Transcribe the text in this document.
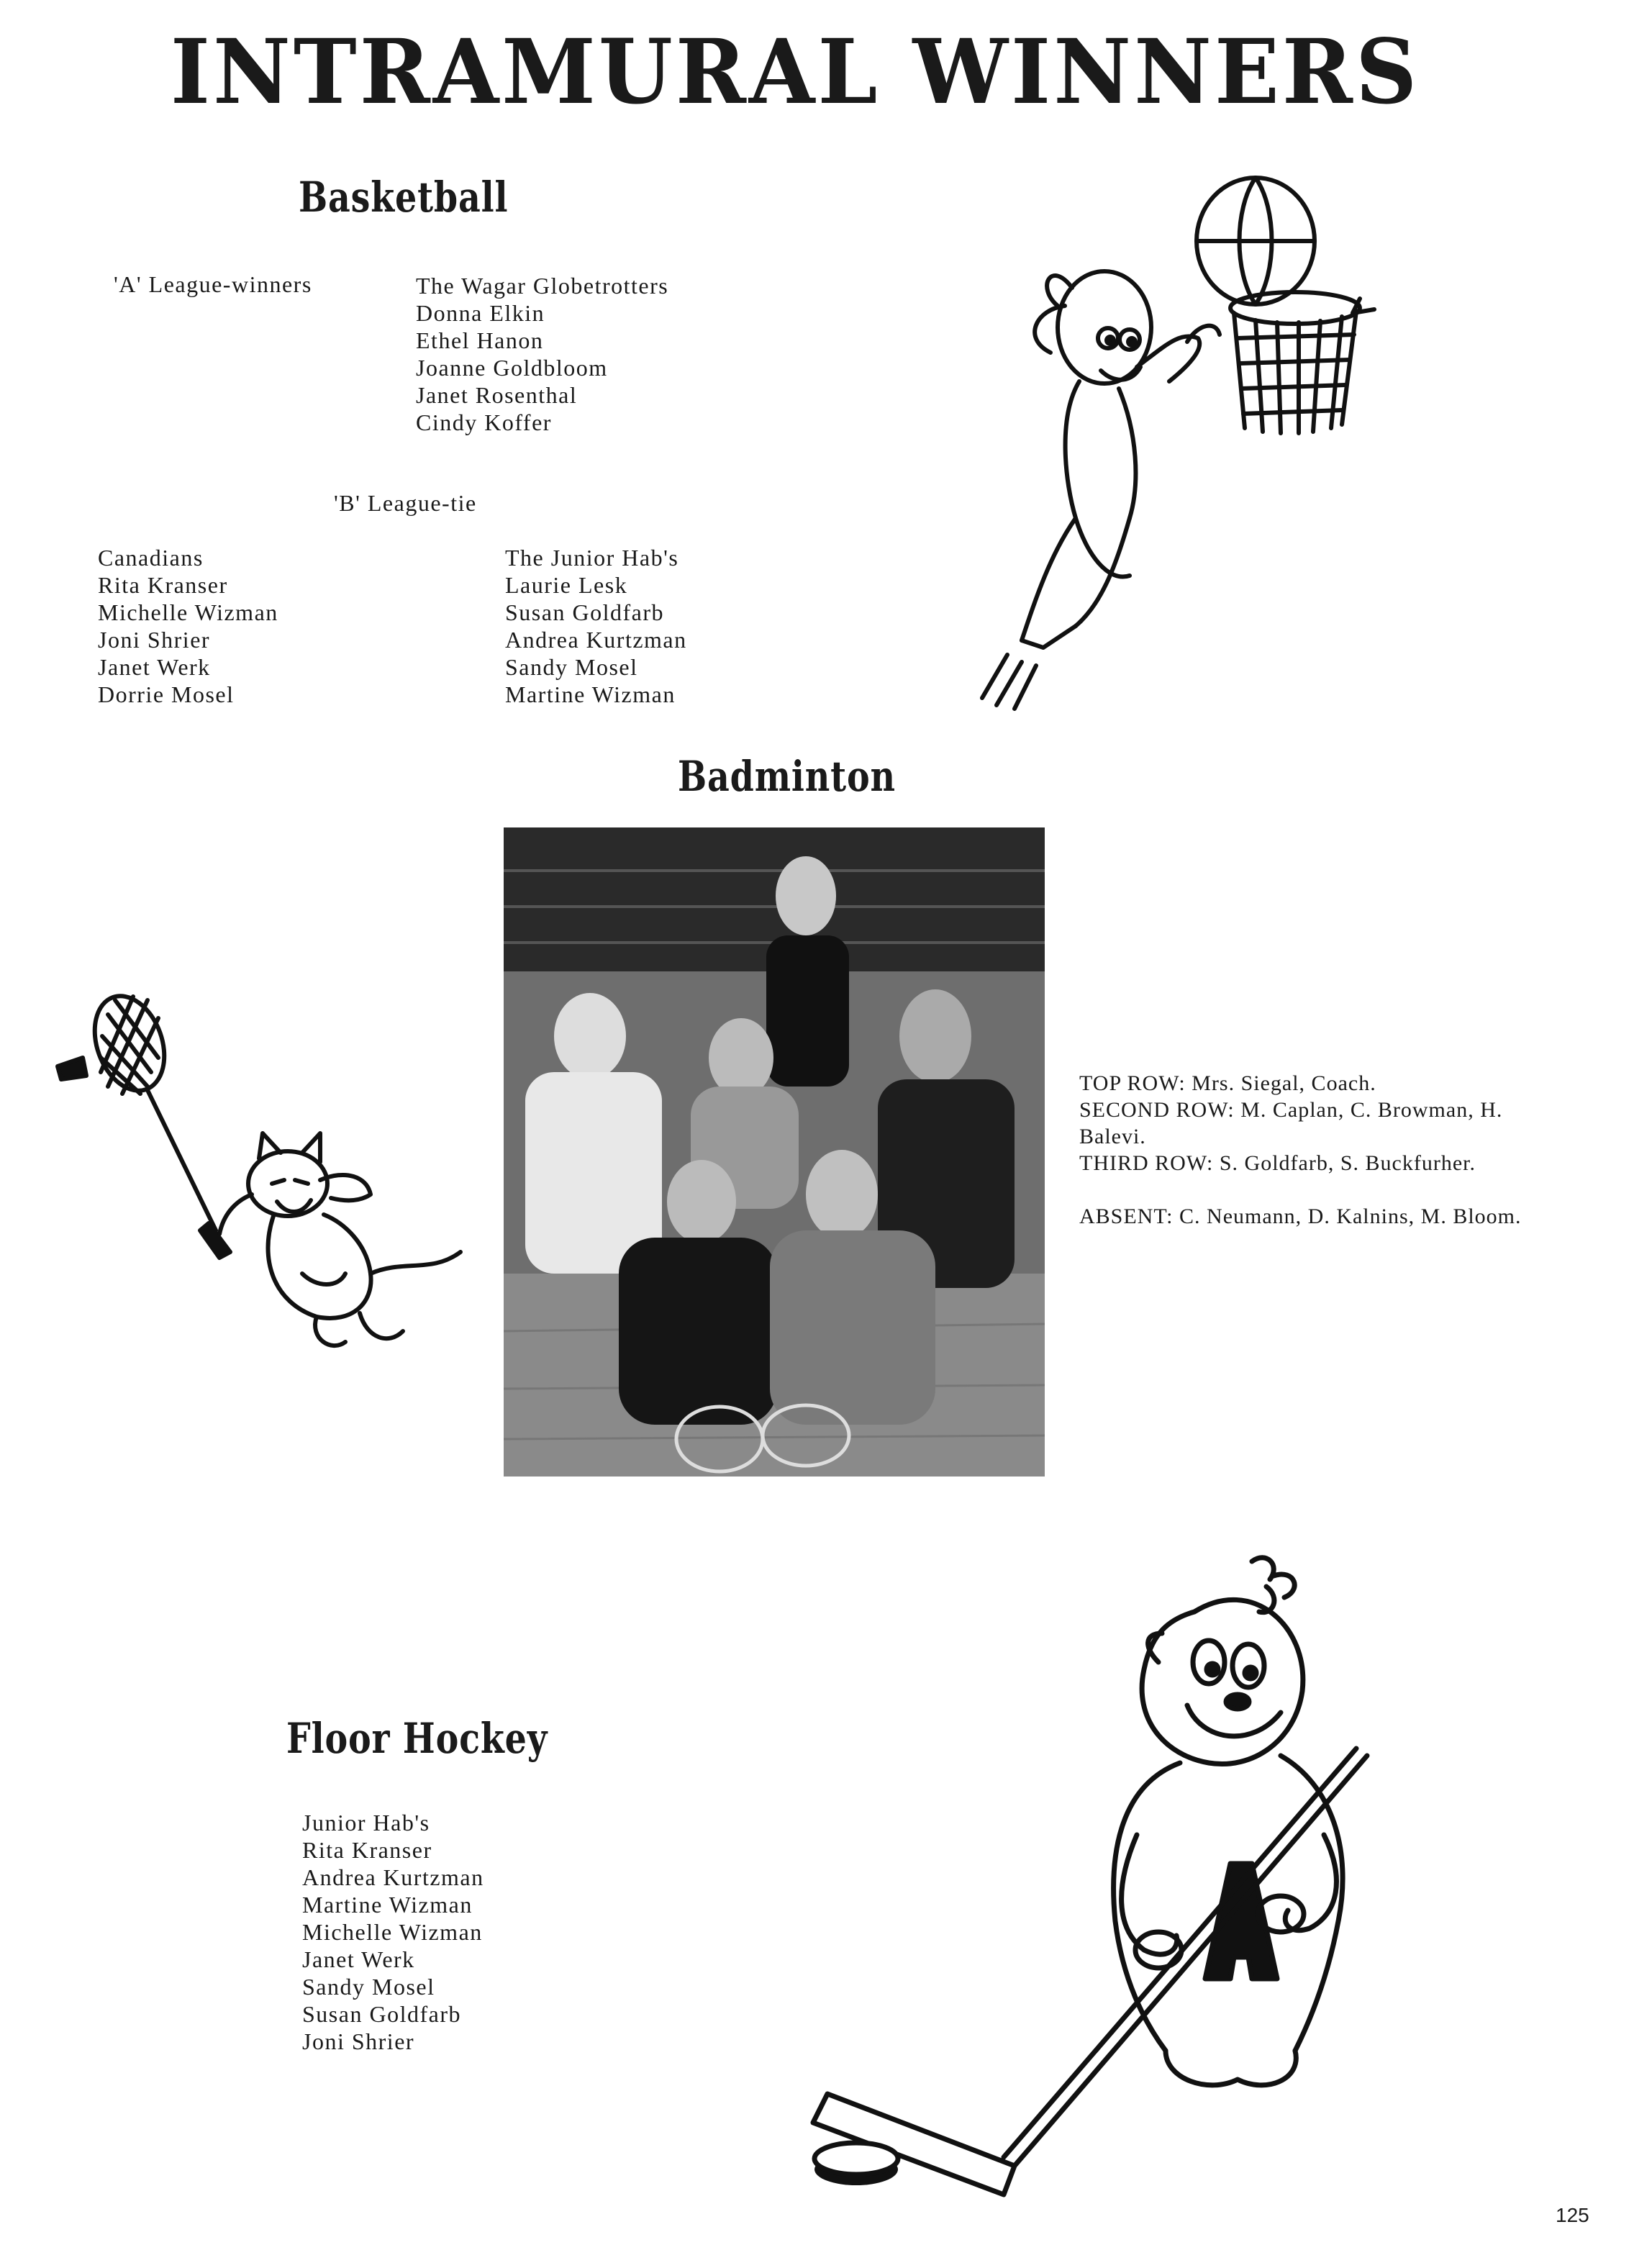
INTRAMURAL WINNERS
Basketball
'A' League-winners	The Wagar Globetrotters
Donna Elkin
Ethel Hanon
Joanne Goldbloom
Janet Rosenthal
Cindy Koffer
'B' League-tie
Canadians
Rita Kranser
Michelle Wizman
Joni Shrier
Janet Werk
Dorrie Mosel
The Junior Hab's
Laurie Lesk
Susan Goldfarb
Andrea Kurtzman
Sandy Mosel
Martine Wizman
Badminton
TOP ROW: Mrs. Siegal, Coach.
SECOND ROW: M. Caplan, C. Browman, H.
Balevi.
THIRD ROW: S. Goldfarb, S. Buckfurher.
ABSENT: C. Neumann, D. Kalnins, M. Bloom.
Floor Hockey
Junior Hab's
Rita Kranser
Andrea Kurtzman
Martine Wizman
Michelle Wizman
Janet Werk
Sandy Mosel
Susan Goldfarb
Joni Shrier
125
